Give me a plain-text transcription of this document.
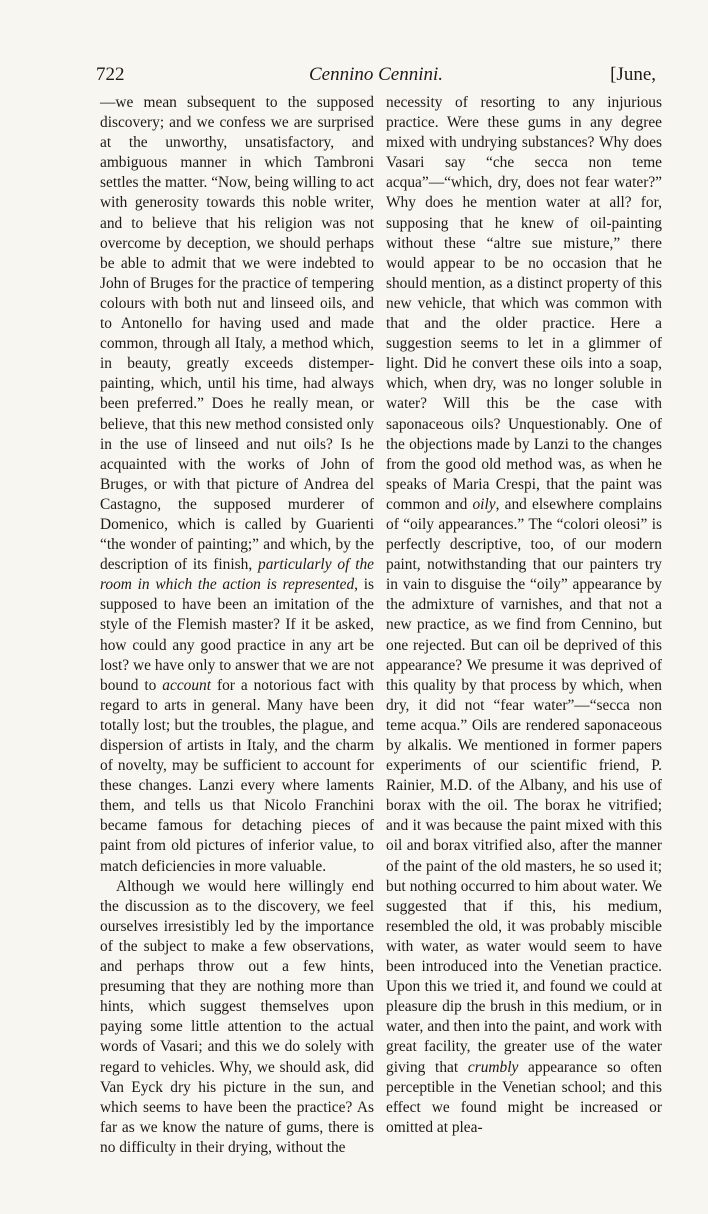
722	Cennino Cennini.	[June,

—we mean subsequent to the supposed discovery; and we confess we are surprised at the unworthy, unsatisfactory, and ambiguous manner in which Tambroni settles the matter. “Now, being willing to act with generosity towards this noble writer, and to believe that his religion was not overcome by deception, we should perhaps be able to admit that we were indebted to John of Bruges for the practice of tempering colours with both nut and linseed oils, and to Antonello for having used and made common, through all Italy, a method which, in beauty, greatly exceeds distemper-painting, which, until his time, had always been preferred.” Does he really mean, or believe, that this new method consisted only in the use of linseed and nut oils? Is he acquainted with the works of John of Bruges, or with that picture of Andrea del Castagno, the supposed murderer of Domenico, which is called by Guarienti “the wonder of painting;” and which, by the description of its finish, particularly of the room in which the action is represented, is supposed to have been an imitation of the style of the Flemish master? If it be asked, how could any good practice in any art be lost? we have only to answer that we are not bound to account for a notorious fact with regard to arts in general. Many have been totally lost; but the troubles, the plague, and dispersion of artists in Italy, and the charm of novelty, may be sufficient to account for these changes. Lanzi every where laments them, and tells us that Nicolo Franchini became famous for detaching pieces of paint from old pictures of inferior value, to match deficiencies in more valuable.

Although we would here willingly end the discussion as to the discovery, we feel ourselves irresistibly led by the importance of the subject to make a few observations, and perhaps throw out a few hints, presuming that they are nothing more than hints, which suggest themselves upon paying some little attention to the actual words of Vasari; and this we do solely with regard to vehicles. Why, we should ask, did Van Eyck dry his picture in the sun, and which seems to have been the practice? As far as we know the nature of gums, there is no difficulty in their drying, without the

necessity of resorting to any injurious practice. Were these gums in any degree mixed with undrying substances? Why does Vasari say “che secca non teme acqua”—“which, dry, does not fear water?” Why does he mention water at all? for, supposing that he knew of oil-painting without these “altre sue misture,” there would appear to be no occasion that he should mention, as a distinct property of this new vehicle, that which was common with that and the older practice. Here a suggestion seems to let in a glimmer of light. Did he convert these oils into a soap, which, when dry, was no longer soluble in water? Will this be the case with saponaceous oils? Unquestionably. One of the objections made by Lanzi to the changes from the good old method was, as when he speaks of Maria Crespi, that the paint was common and oily, and elsewhere complains of “oily appearances.” The “colori oleosi” is perfectly descriptive, too, of our modern paint, notwithstanding that our painters try in vain to disguise the “oily” appearance by the admixture of varnishes, and that not a new practice, as we find from Cennino, but one rejected. But can oil be deprived of this appearance? We presume it was deprived of this quality by that process by which, when dry, it did not “fear water”—“secca non teme acqua.” Oils are rendered saponaceous by alkalis. We mentioned in former papers experiments of our scientific friend, P. Rainier, M.D. of the Albany, and his use of borax with the oil. The borax he vitrified; and it was because the paint mixed with this oil and borax vitrified also, after the manner of the paint of the old masters, he so used it; but nothing occurred to him about water. We suggested that if this, his medium, resembled the old, it was probably miscible with water, as water would seem to have been introduced into the Venetian practice. Upon this we tried it, and found we could at pleasure dip the brush in this medium, or in water, and then into the paint, and work with great facility, the greater use of the water giving that crumbly appearance so often perceptible in the Venetian school; and this effect we found might be increased or omitted at plea-
